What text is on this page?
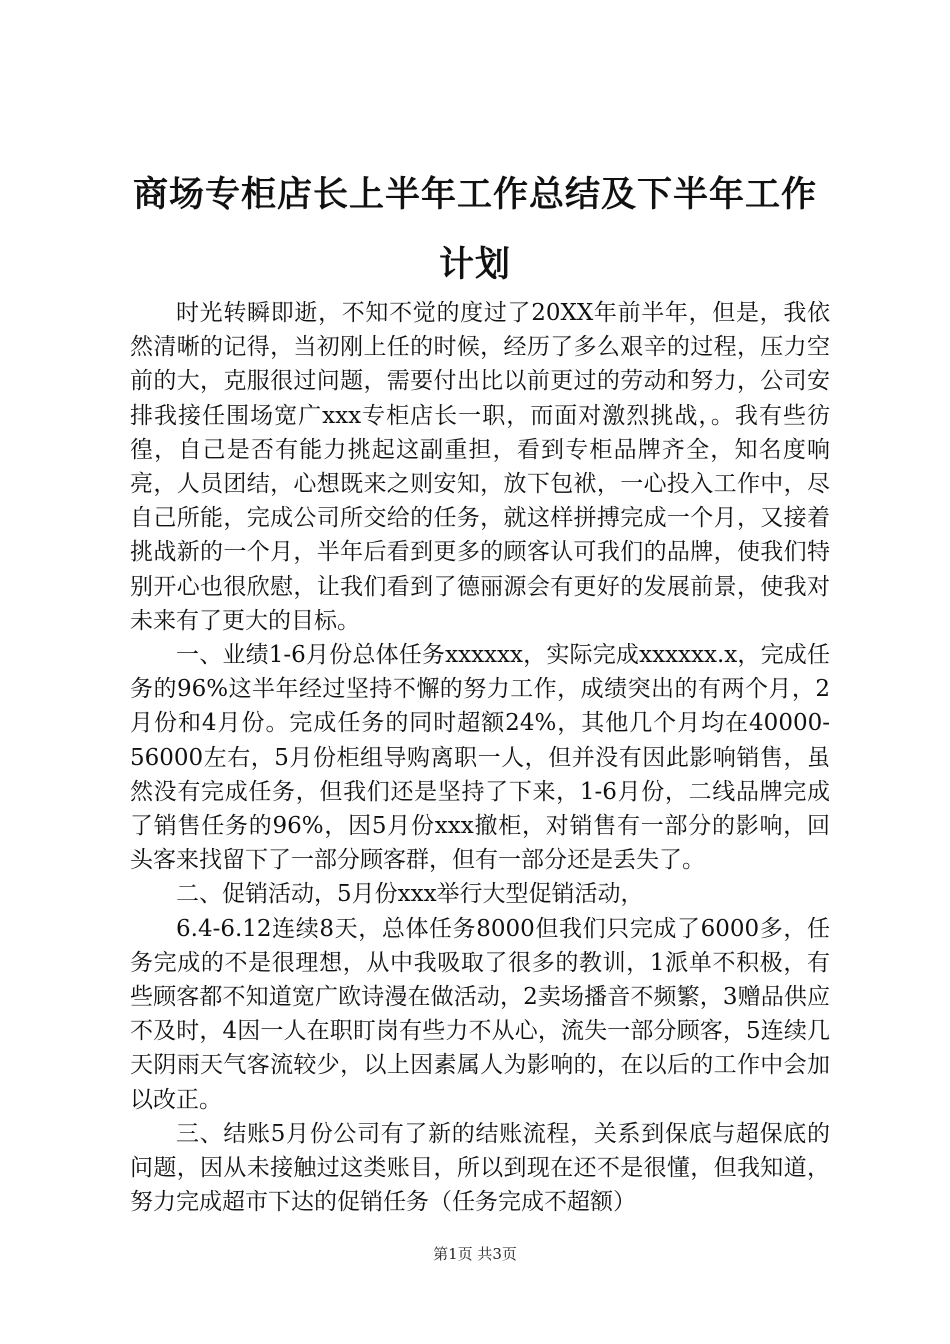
商场专柜店长上半年工作总结及下半年工作计划

时光转瞬即逝，不知不觉的度过了20XX年前半年，但是，我依然清晰的记得，当初刚上任的时候，经历了多么艰辛的过程，压力空前的大，克服很过问题，需要付出比以前更过的劳动和努力，公司安排我接任围场宽广xxx专柜店长一职，而面对激烈挑战，。我有些彷徨，自己是否有能力挑起这副重担，看到专柜品牌齐全，知名度响亮，人员团结，心想既来之则安知，放下包袱，一心投入工作中，尽自己所能，完成公司所交给的任务，就这样拼搏完成一个月，又接着挑战新的一个月，半年后看到更多的顾客认可我们的品牌，使我们特别开心也很欣慰，让我们看到了德丽源会有更好的发展前景，使我对未来有了更大的目标。

一、业绩1-6月份总体任务xxxxxx，实际完成xxxxxx.x，完成任务的96%这半年经过坚持不懈的努力工作，成绩突出的有两个月，2月份和4月份。完成任务的同时超额24%，其他几个月均在40000-56000左右，5月份柜组导购离职一人，但并没有因此影响销售，虽然没有完成任务，但我们还是坚持了下来，1-6月份，二线品牌完成了销售任务的96%，因5月份xxx撤柜，对销售有一部分的影响，回头客来找留下了一部分顾客群，但有一部分还是丢失了。

二、促销活动，5月份xxx举行大型促销活动，

6.4-6.12连续8天，总体任务8000但我们只完成了6000多，任务完成的不是很理想，从中我吸取了很多的教训，1派单不积极，有些顾客都不知道宽广欧诗漫在做活动，2卖场播音不频繁，3赠品供应不及时，4因一人在职盯岗有些力不从心，流失一部分顾客，5连续几天阴雨天气客流较少，以上因素属人为影响的，在以后的工作中会加以改正。

三、结账5月份公司有了新的结账流程，关系到保底与超保底的问题，因从未接触过这类账目，所以到现在还不是很懂，但我知道，努力完成超市下达的促销任务（任务完成不超额）

第1页 共3页
